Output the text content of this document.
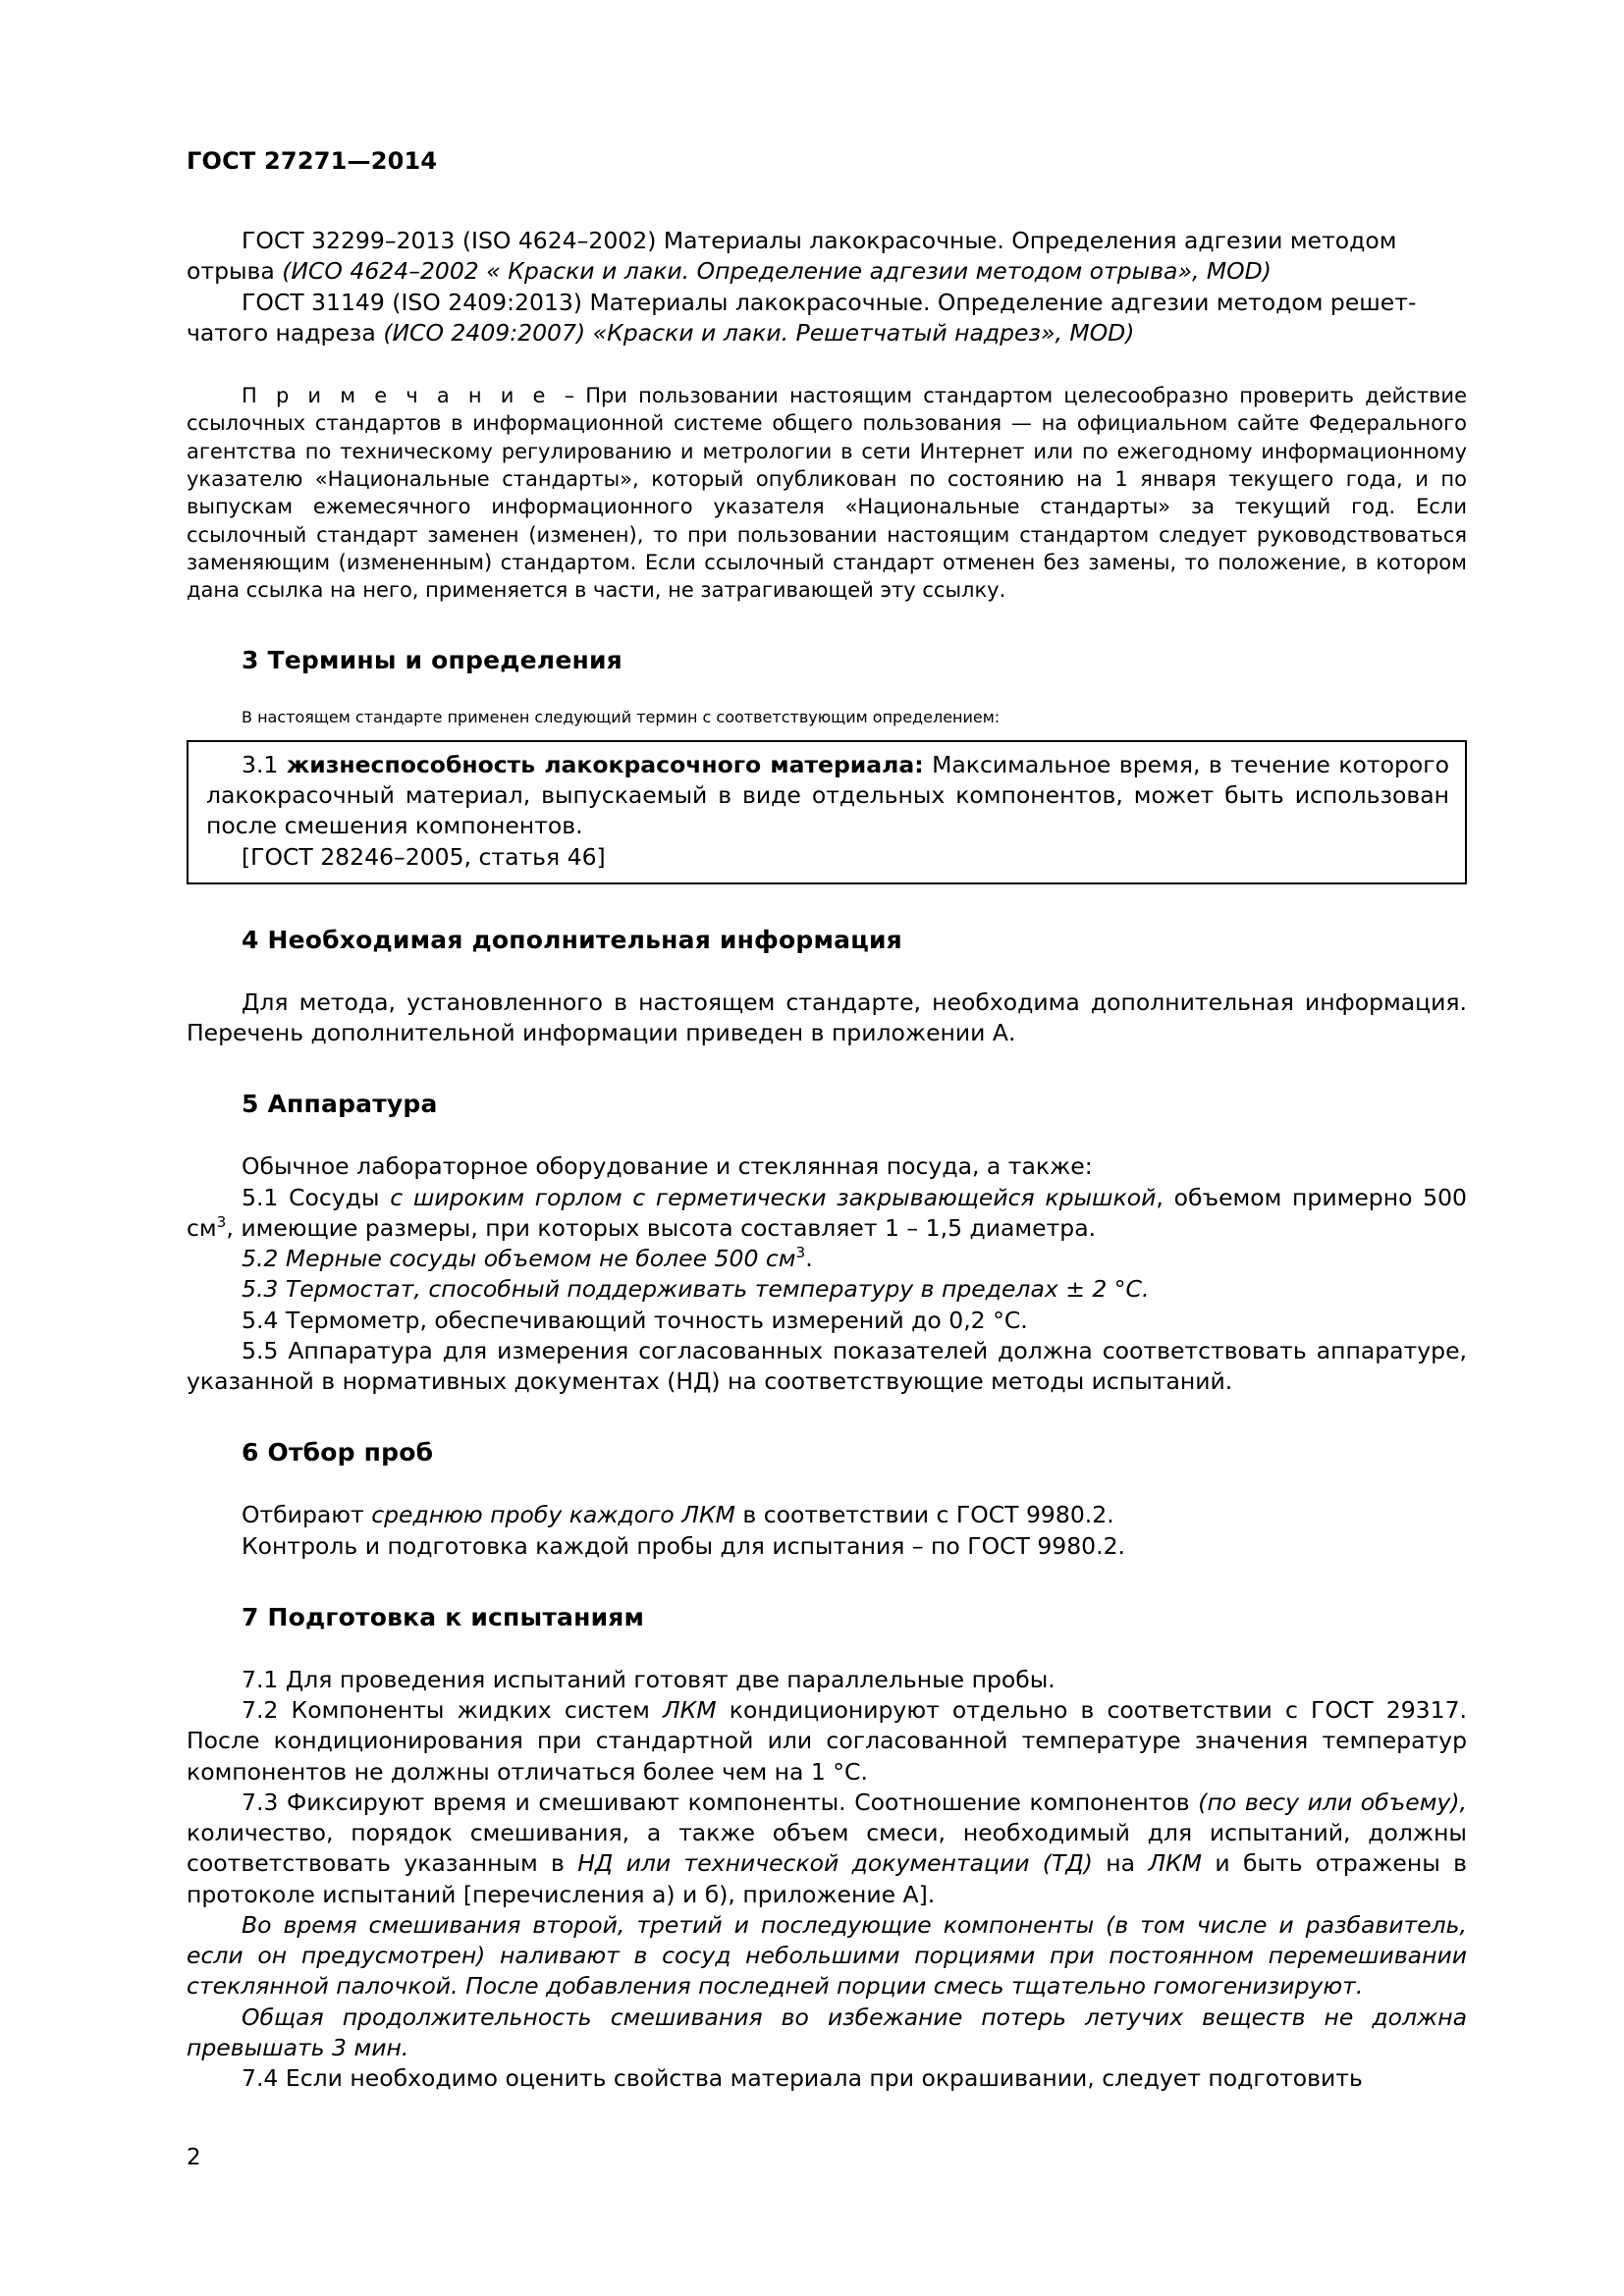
ГОСТ 27271—2014

ГОСТ 32299–2013 (ISO 4624–2002) Материалы лакокрасочные. Определения адгезии методом

отрыва (ИСО 4624–2002 « Краски и лаки. Определение адгезии методом отрыва», MOD)

ГОСТ 31149 (ISO 2409:2013) Материалы лакокрасочные. Определение адгезии методом решет-

чатого надреза (ИСО 2409:2007) «Краски и лаки. Решетчатый надрез», MOD)

П р и м е ч а н и е – При пользовании настоящим стандартом целесообразно проверить действие ссылочных стандартов в информационной системе общего пользования — на официальном сайте Федерального агентства по техническому регулированию и метрологии в сети Интернет или по ежегодному информационному указателю «Национальные стандарты», который опубликован по состоянию на 1 января текущего года, и по выпускам ежемесячного информационного указателя «Национальные стандарты» за текущий год. Если ссылочный стандарт заменен (изменен), то при пользовании настоящим стандартом следует руководствоваться заменяющим (измененным) стандартом. Если ссылочный стандарт отменен без замены, то положение, в котором дана ссылка на него, применяется в части, не затрагивающей эту ссылку.

3 Термины и определения

В настоящем стандарте применен следующий термин с соответствующим определением:

3.1 жизнеспособность лакокрасочного материала: Максимальное время, в течение которого лакокрасочный материал, выпускаемый в виде отдельных компонентов, может быть использован после смешения компонентов.

[ГОСТ 28246–2005, статья 46]

4 Необходимая дополнительная информация

Для метода, установленного в настоящем стандарте, необходима дополнительная информация. Перечень дополнительной информации приведен в приложении А.

5 Аппаратура

Обычное лабораторное оборудование и стеклянная посуда, а также:

5.1 Сосуды с широким горлом с герметически закрывающейся крышкой, объемом примерно 500 $см^3$, имеющие размеры, при которых высота составляет 1 – 1,5 диаметра.

5.2 Мерные сосуды объемом не более 500 $см^3$.

5.3 Термостат, способный поддерживать температуру в пределах ± 2 °С.

5.4 Термометр, обеспечивающий точность измерений до 0,2 °С.

5.5 Аппаратура для измерения согласованных показателей должна соответствовать аппаратуре, указанной в нормативных документах (НД) на соответствующие методы испытаний.

6 Отбор проб

Отбирают среднюю пробу каждого ЛКМ в соответствии с ГОСТ 9980.2.

Контроль и подготовка каждой пробы для испытания – по ГОСТ 9980.2.

7 Подготовка к испытаниям

7.1 Для проведения испытаний готовят две параллельные пробы.

7.2 Компоненты жидких систем ЛКМ кондиционируют отдельно в соответствии с ГОСТ 29317. После кондиционирования при стандартной или согласованной температуре значения температур компонентов не должны отличаться более чем на 1 °С.

7.3 Фиксируют время и смешивают компоненты. Соотношение компонентов (по весу или объему), количество, порядок смешивания, а также объем смеси, необходимый для испытаний, должны соответствовать указанным в НД или технической документации (ТД) на ЛКМ и быть отражены в протоколе испытаний [перечисления а) и б), приложение А].

Во время смешивания второй, третий и последующие компоненты (в том числе и разбавитель, если он предусмотрен) наливают в сосуд небольшими порциями при постоянном перемешивании стеклянной палочкой. После добавления последней порции смесь тщательно гомогенизируют.

Общая продолжительность смешивания во избежание потерь летучих веществ не должна превышать 3 мин.

7.4 Если необходимо оценить свойства материала при окрашивании, следует подготовить

2
